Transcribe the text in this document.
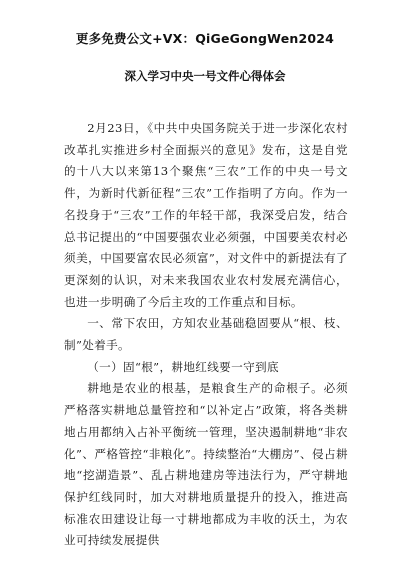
更多免费公文+VX：QiGeGongWen2024
深入学习中央一号文件心得体会

2月23日，《中共中央国务院关于进一步深化农村改革扎实推进乡村全面振兴的意见》发布，这是自党的十八大以来第13个聚焦“三农”工作的中央一号文件，为新时代新征程“三农”工作指明了方向。作为一名投身于“三农”工作的年轻干部，我深受启发，结合总书记提出的“中国要强农业必须强，中国要美农村必须美，中国要富农民必须富”，对文件中的新提法有了更深刻的认识，对未来我国农业农村发展充满信心，也进一步明确了今后主攻的工作重点和目标。

一、常下农田，方知农业基础稳固要从“根、枝、制”处着手。

（一）固“根”，耕地红线要一守到底

耕地是农业的根基，是粮食生产的命根子。必须严格落实耕地总量管控和“以补定占”政策，将各类耕地占用都纳入占补平衡统一管理，坚决遏制耕地“非农化”、严格管控“非粮化”。持续整治“大棚房”、侵占耕地“挖湖造景”、乱占耕地建房等违法行为，严守耕地保护红线同时，加大对耕地质量提升的投入，推进高标准农田建设让每一寸耕地都成为丰收的沃土，为农业可持续发展提供
